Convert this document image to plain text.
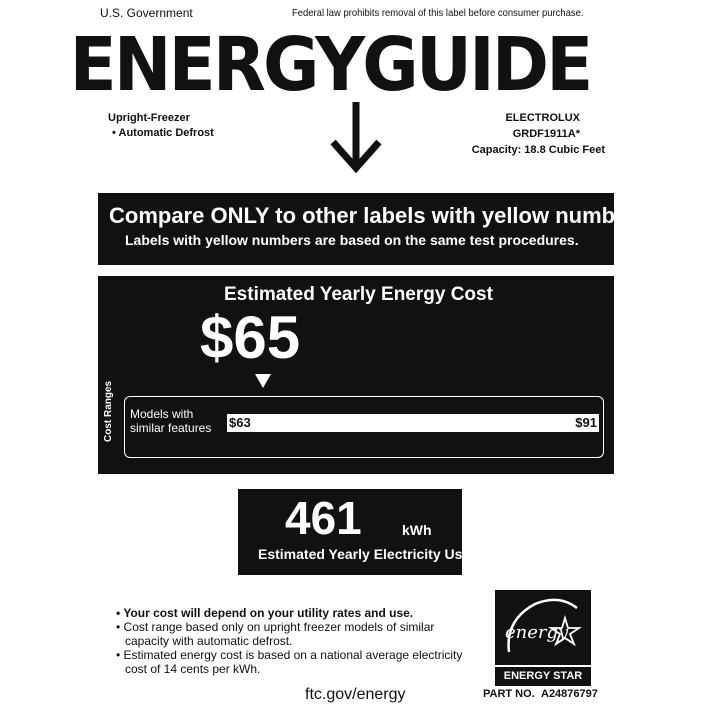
U.S. Government	Federal law prohibits removal of this label before consumer purchase.
ENERGYGUIDE
Upright-Freezer
• Automatic Defrost
ELECTROLUX
GRDF1911A*
Capacity: 18.8 Cubic Feet
Compare ONLY to other labels with yellow numbers.
Labels with yellow numbers are based on the same test procedures.
Estimated Yearly Energy Cost
$65
Cost Ranges Models with similar features	$63	$91
461	kWh
Estimated Yearly Electricity Use
• Your cost will depend on your utility rates and use.
• Cost range based only on upright freezer models of similar capacity with automatic defrost.
• Estimated energy cost is based on a national average electricity cost of 14 cents per kWh.
ftc.gov/energy
energy
ENERGY STAR
PART NO. A24876797
